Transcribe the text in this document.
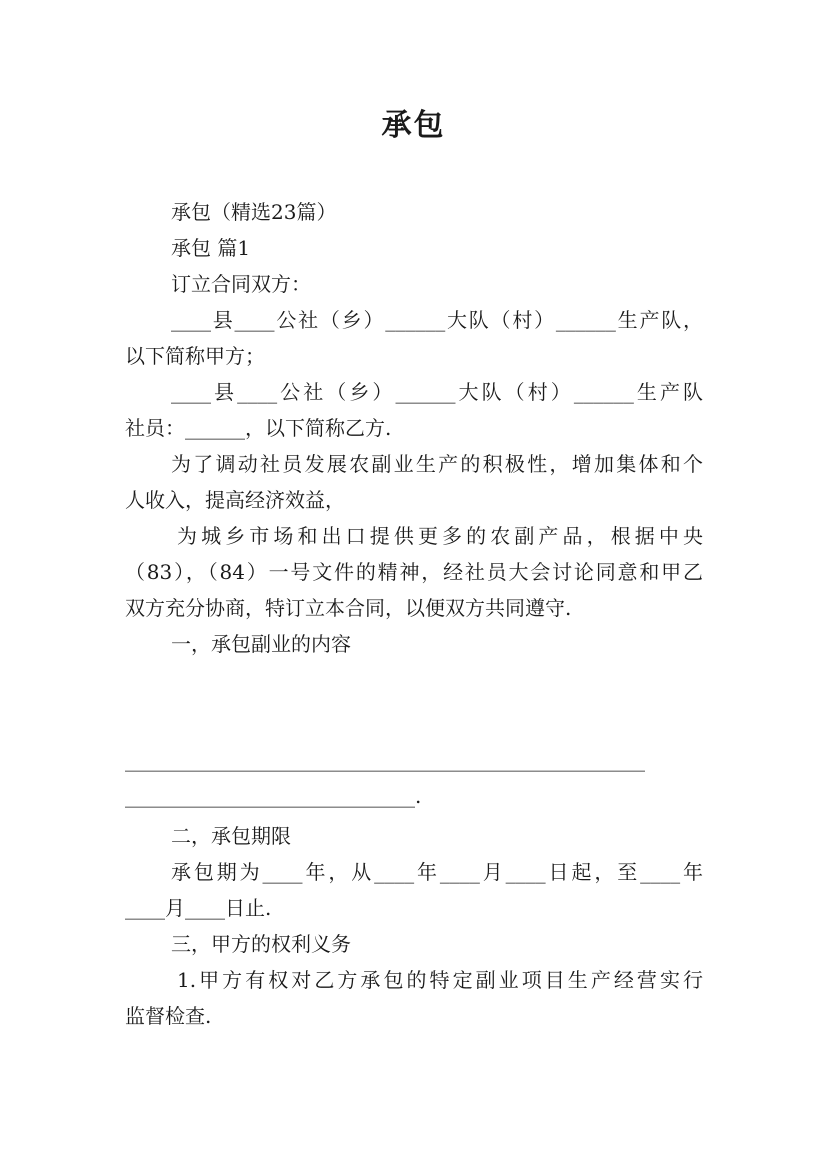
承包
承包（精选23篇）
承包 篇1
订立合同双方：
____县____公社（乡）______大队（村）______生产队，
以下简称甲方；
____县____公社（乡）______大队（村）______生产队
社员：______，以下简称乙方.
为了调动社员发展农副业生产的积极性，增加集体和个
人收入，提高经济效益，
为城乡市场和出口提供更多的农副产品，根据中央
（83），（84）一号文件的精神，经社员大会讨论同意和甲乙
双方充分协商，特订立本合同，以便双方共同遵守.
一，承包副业的内容
____________________________________________________
_____________________________.
二，承包期限
承包期为____年，从____年____月____日起，至____年
____月____日止.
三，甲方的权利义务
1.甲方有权对乙方承包的特定副业项目生产经营实行
监督检查.
